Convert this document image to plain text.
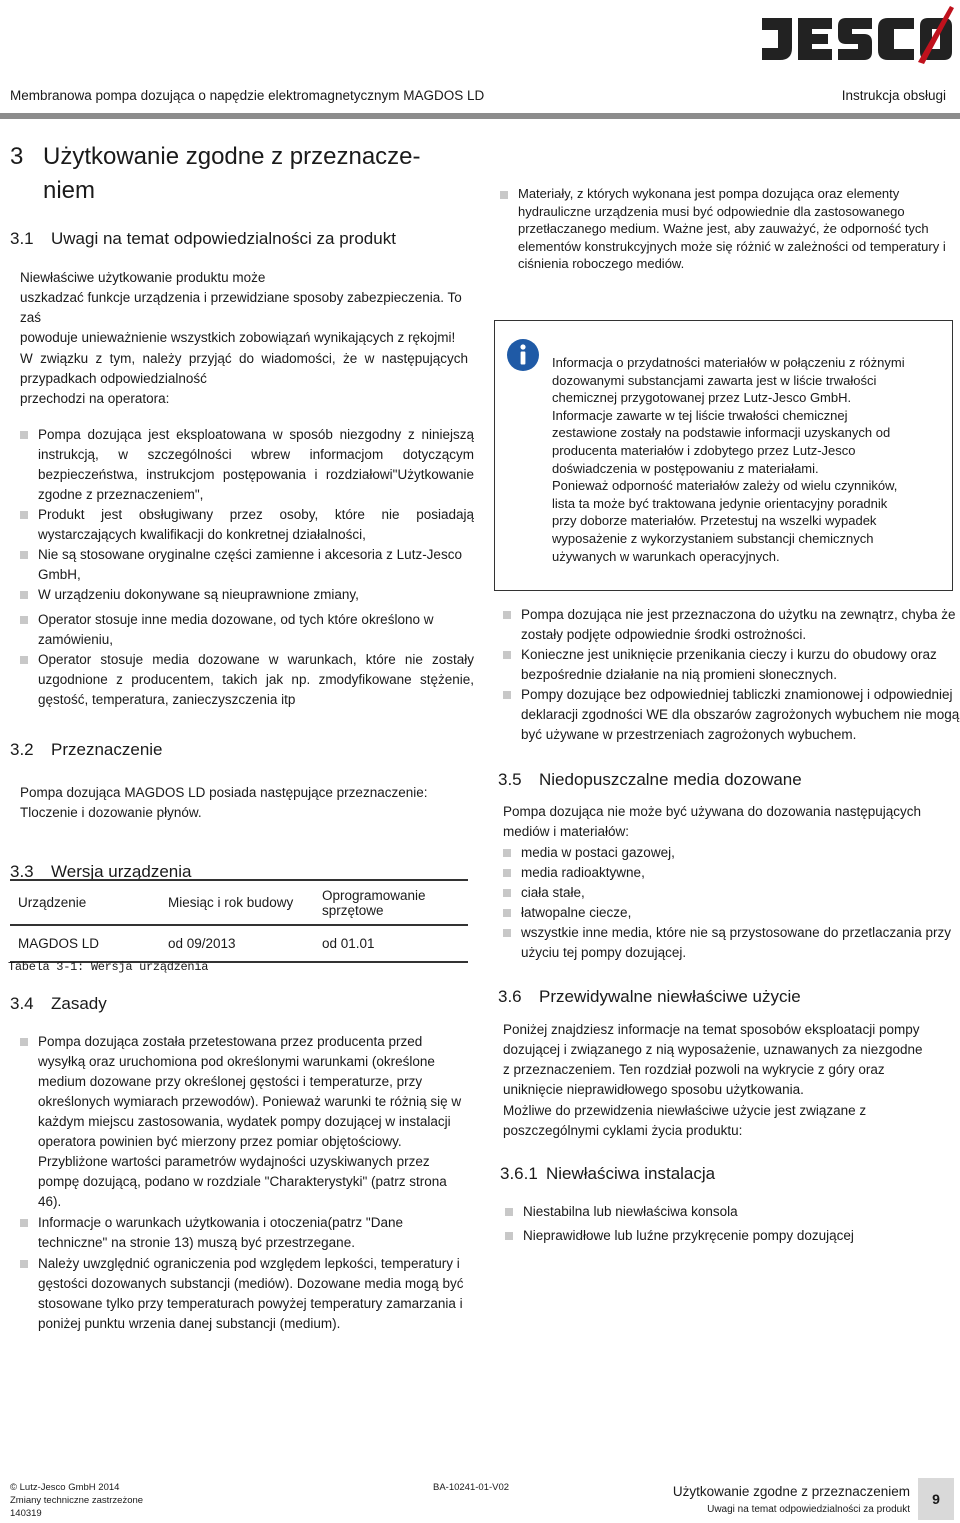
Membranowa pompa dozująca o napędzie elektromagnetycznym MAGDOS LD	Instrukcja obsługi
3 Użytkowanie zgodne z przeznacze-
niem
3.1 Uwagi na temat odpowiedzialności za produkt

Niewłaściwe użytkowanie produktu może

uszkadzać funkcje urządzenia i przewidziane sposoby zabezpieczenia. To

zaś

powoduje unieważnienie wszystkich zobowiązań wynikających z rękojmi!

W związku z tym, należy przyjąć do wiadomości, że w następujących przypadkach odpowiedzialność

przechodzi na operatora:

Pompa dozująca jest eksploatowana w sposób niezgodny z niniejszą instrukcją, w szczególności wbrew informacjom dotyczącym bezpieczeństwa, instrukcjom postępowania i rozdziałowi"Użytkowanie zgodne z przeznaczeniem",

Produkt jest obsługiwany przez osoby, które nie posiadają wystarczających kwalifikacji do konkretnej działalności,

Nie są stosowane oryginalne części zamienne i akcesoria z Lutz-Jesco GmbH,

W urządzeniu dokonywane są nieuprawnione zmiany,

Operator stosuje inne media dozowane, od tych które określono w zamówieniu,

Operator stosuje media dozowane w warunkach, które nie zostały uzgodnione z producentem, takich jak np. zmodyfikowane stężenie, gęstość, temperatura, zanieczyszczenia itp

3.2 Przeznaczenie

Pompa dozująca MAGDOS LD posiada następujące przeznaczenie:

Tloczenie i dozowanie płynów.

3.3 Wersja urządzenia
Urządzenie	Miesiąc i rok budowy	Oprogramowanie sprzętowe
MAGDOS LD	od 09/2013	od 01.01
Tabela 3-1: Wersja urządzenia
3.4 Zasady

Pompa dozująca została przetestowana przez producenta przed wysyłką oraz uruchomiona pod określonymi warunkami (określone medium dozowane przy określonej gęstości i temperaturze, przy określonych wymiarach przewodów). Ponieważ warunki te różnią się w każdym miejscu zastosowania, wydatek pompy dozującej w instalacji operatora powinien być mierzony przez pomiar objętościowy. Przybliżone wartości parametrów wydajności uzyskiwanych przez pompę dozującą, podano w rozdziale "Charakterystyki" (patrz strona 46).

Informacje o warunkach użytkowania i otoczenia(patrz "Dane techniczne" na stronie 13) muszą być przestrzegane.

Należy uwzględnić ograniczenia pod względem lepkości, temperatury i gęstości dozowanych substancji (mediów). Dozowane media mogą być stosowane tylko przy temperaturach powyżej temperatury zamarzania i poniżej punktu wrzenia danej substancji (medium).

Materiały, z których wykonana jest pompa dozująca oraz elementy hydrauliczne urządzenia musi być odpowiednie dla zastosowanego przetłaczanego medium. Ważne jest, aby zauważyć, że odporność tych elementów konstrukcyjnych może się różnić w zależności od temperatury i ciśnienia roboczego mediów.

Informacja o przydatności materiałów w połączeniu z różnymi
dozowanymi substancjami zawarta jest w liście trwałości
chemicznej przygotowanej przez Lutz-Jesco GmbH.
Informacje zawarte w tej liście trwałości chemicznej
zestawione zostały na podstawie informacji uzyskanych od
producenta materiałów i zdobytego przez Lutz-Jesco
doświadczenia w postępowaniu z materiałami.
Ponieważ odporność materiałów zależy od wielu czynników,
lista ta może być traktowana jedynie orientacyjny poradnik
przy doborze materiałów. Przetestuj na wszelki wypadek
wyposażenie z wykorzystaniem substancji chemicznych
używanych w warunkach operacyjnych.

Pompa dozująca nie jest przeznaczona do użytku na zewnątrz, chyba że zostały podjęte odpowiednie środki ostrożności.

Konieczne jest uniknięcie przenikania cieczy i kurzu do obudowy oraz bezpośrednie działanie na nią promieni słonecznych.

Pompy dozujące bez odpowiedniej tabliczki znamionowej i odpowiedniej deklaracji zgodności WE dla obszarów zagrożonych wybuchem nie mogą być używane w przestrzeniach zagrożonych wybuchem.

3.5 Niedopuszczalne media dozowane

Pompa dozująca nie może być używana do dozowania następujących mediów i materiałów:

media w postaci gazowej,

media radioaktywne,

ciała stałe,

łatwopalne ciecze,

wszystkie inne media, które nie są przystosowane do przetlaczania przy użyciu tej pompy dozującej.

3.6 Przewidywalne niewłaściwe użycie

Poniżej znajdziesz informacje na temat sposobów eksploatacji pompy dozującej i związanego z nią wyposażenie, uznawanych za niezgodne z przeznaczeniem. Ten rozdział pozwoli na wykrycie z góry oraz uniknięcie nieprawidłowego sposobu użytkowania.

Możliwe do przewidzenia niewłaściwe użycie jest związane z poszczególnymi cyklami życia produktu:

3.6.1 Niewłaściwa instalacja

Niestabilna lub niewłaściwa konsola

Nieprawidłowe lub luźne przykręcenie pompy dozującej

© Lutz-Jesco GmbH 2014
Zmiany techniczne zastrzeżone
140319
BA-10241-01-V02	Użytkowanie zgodne z przeznaczeniem
Uwagi na temat odpowiedzialności za produkt
9
